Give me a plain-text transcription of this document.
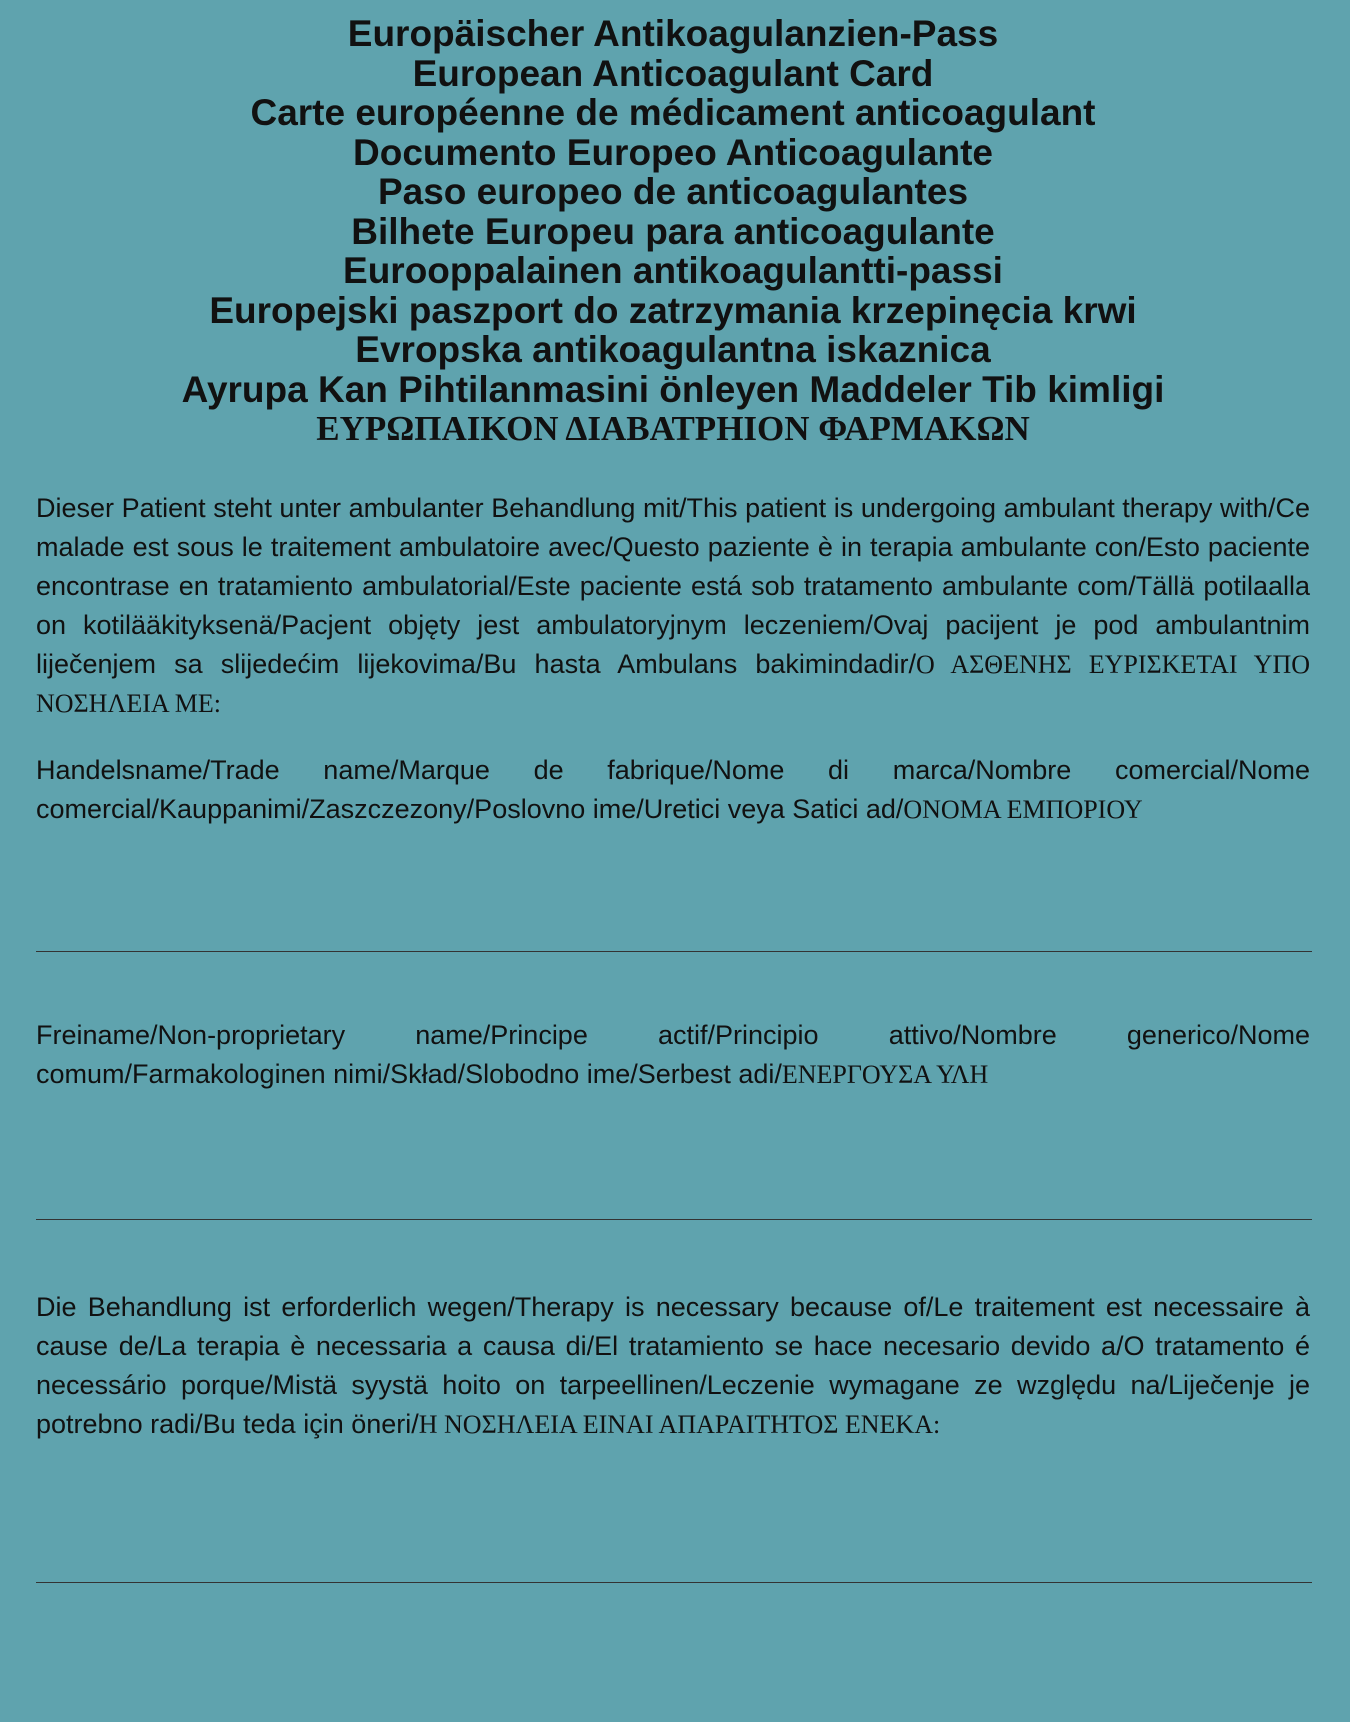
Europäischer Antikoagulanzien-Pass
European Anticoagulant Card
Carte européenne de médicament anticoagulant
Documento Europeo Anticoagulante
Paso europeo de anticoagulantes
Bilhete Europeu para anticoagulante
Eurooppalainen antikoagulantti-passi
Europejski paszport do zatrzymania krzepinęcia krwi
Evropska antikoagulantna iskaznica
Ayrupa Kan Pihtilanmasini önleyen Maddeler Tib kimligi
ΕΥΡΩΠΑΙΚΟΝ ΔΙΑΒΑΤΡΗΙΟΝ ΦΑΡΜΑΚΩΝ

Dieser Patient steht unter ambulanter Behandlung mit/This patient is undergoing ambulant therapy with/Ce malade est sous le traitement ambulatoire avec/Questo paziente è in terapia ambulante con/Esto paciente encontrase en tratamiento ambulatorial/Este paciente está sob tratamento ambulante com/Tällä potilaalla on kotilääkityksenä/Pacjent objęty jest ambulatoryjnym leczeniem/Ovaj pacijent je pod ambulantnim liječenjem sa slijedećim lijekovima/Bu hasta Ambulans bakimindadir/Ο ΑΣΘΕΝΗΣ ΕΥΡΙΣΚΕΤΑΙ ΥΠΟ ΝΟΣΗΛΕΙΑ ΜΕ:

Handelsname/Trade name/Marque de fabrique/Nome di marca/Nombre comercial/Nome comercial/Kauppanimi/Zaszczezony/Poslovno ime/Uretici veya Satici ad/ΟΝΟΜΑ ΕΜΠΟΡΙΟΥ

Freiname/Non-proprietary name/Principe actif/Principio attivo/Nombre generico/Nome comum/Farmakologinen nimi/Skład/Slobodno ime/Serbest adi/ΕΝΕΡΓΟΥΣΑ ΥΛΗ

Die Behandlung ist erforderlich wegen/Therapy is necessary because of/Le traitement est necessaire à cause de/La terapia è necessaria a causa di/El tratamiento se hace necesario devido a/O tratamento é necessário porque/Mistä syystä hoito on tarpeellinen/Leczenie wymagane ze względu na/Liječenje je potrebno radi/Bu teda için öneri/Η ΝΟΣΗΛΕΙΑ ΕΙΝΑΙ ΑΠΑΡΑΙΤΗΤΟΣ ΕΝΕΚΑ:
